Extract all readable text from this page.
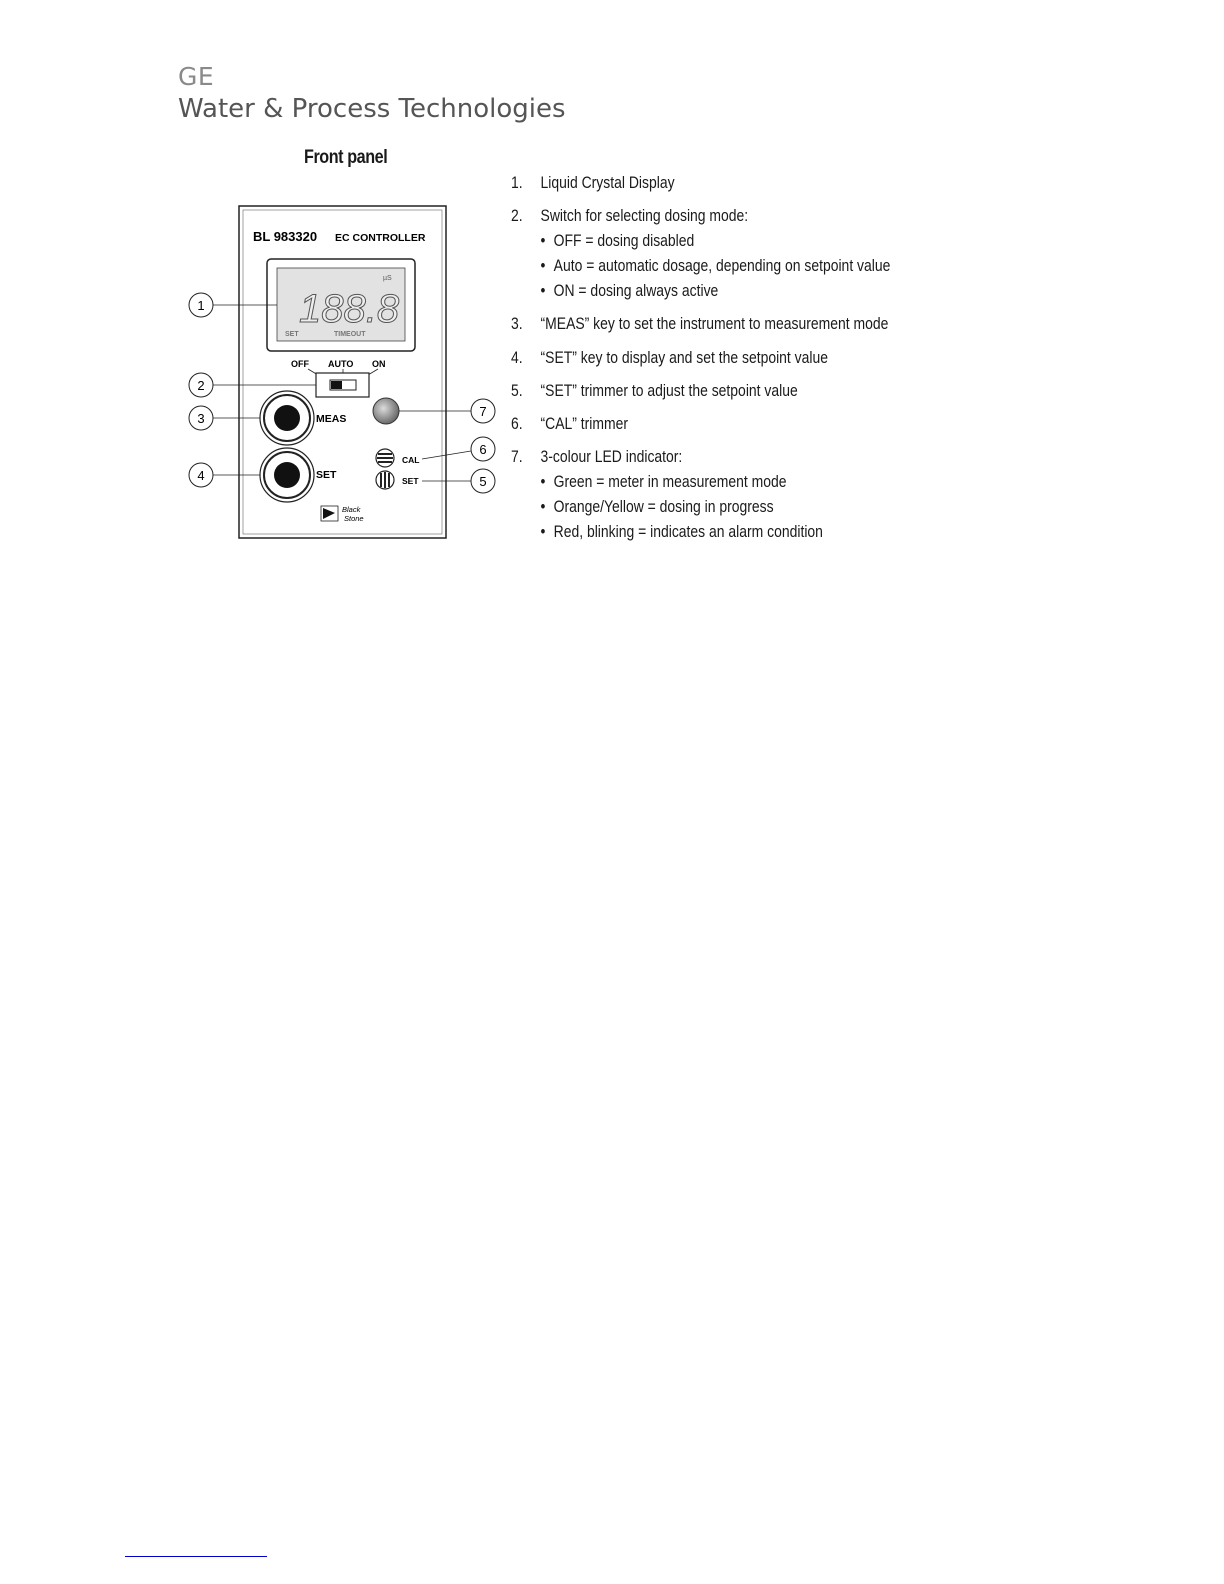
GE
Water & Process Technologies
Front panel
BL 983320 EC CONTROLLER
188.8
µS
SET	TIMEOUT
OFF AUTO ON
MEAS
SET
CAL
SET
Black
Stone
1
2
3
4
7
6
5
1.	Liquid Crystal Display
2.	Switch for selecting dosing mode:
• OFF = dosing disabled
• Auto = automatic dosage, depending on setpoint value
• ON = dosing always active
3.	“MEAS” key to set the instrument to measurement mode
4.	“SET” key to display and set the setpoint value
5.	“SET” trimmer to adjust the setpoint value
6.	“CAL” trimmer
7.	3-colour LED indicator:
• Green = meter in measurement mode
• Orange/Yellow = dosing in progress
• Red, blinking = indicates an alarm condition
